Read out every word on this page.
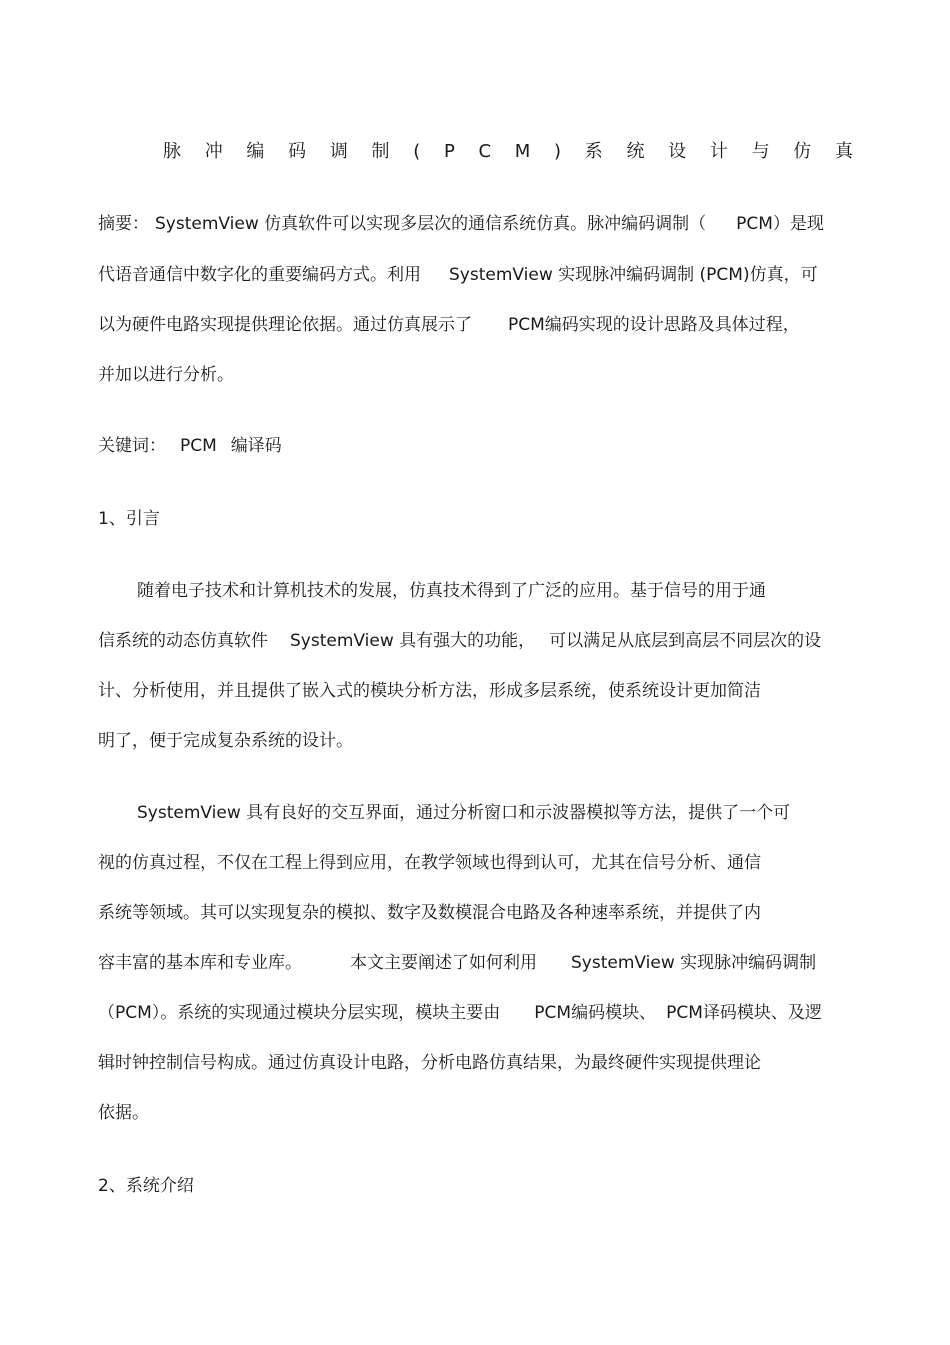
脉 冲 编 码 调 制 ( P C M ) 系 统 设 计 与 仿 真
摘要： SystemView 仿真软件可以实现多层次的通信系统仿真。脉冲编码调制（ PCM）是现
代语音通信中数字化的重要编码方式。利用 SystemView 实现脉冲编码调制 (PCM)仿真，可
以为硬件电路实现提供理论依据。通过仿真展示了 PCM编码实现的设计思路及具体过程，
并加以进行分析。
关键词： PCM 编译码
1、引言
随着电子技术和计算机技术的发展，仿真技术得到了广泛的应用。基于信号的用于通
信系统的动态仿真软件 SystemView 具有强大的功能， 可以满足从底层到高层不同层次的设
计、分析使用，并且提供了嵌入式的模块分析方法，形成多层系统，使系统设计更加简洁
明了，便于完成复杂系统的设计。
SystemView 具有良好的交互界面，通过分析窗口和示波器模拟等方法，提供了一个可
视的仿真过程，不仅在工程上得到应用，在教学领域也得到认可，尤其在信号分析、通信
系统等领域。其可以实现复杂的模拟、数字及数模混合电路及各种速率系统，并提供了内
容丰富的基本库和专业库。	本文主要阐述了如何利用 SystemView 实现脉冲编码调制
（PCM）。系统的实现通过模块分层实现，模块主要由 PCM编码模块、 PCM译码模块、及逻
辑时钟控制信号构成。通过仿真设计电路，分析电路仿真结果，为最终硬件实现提供理论
依据。
2、系统介绍
